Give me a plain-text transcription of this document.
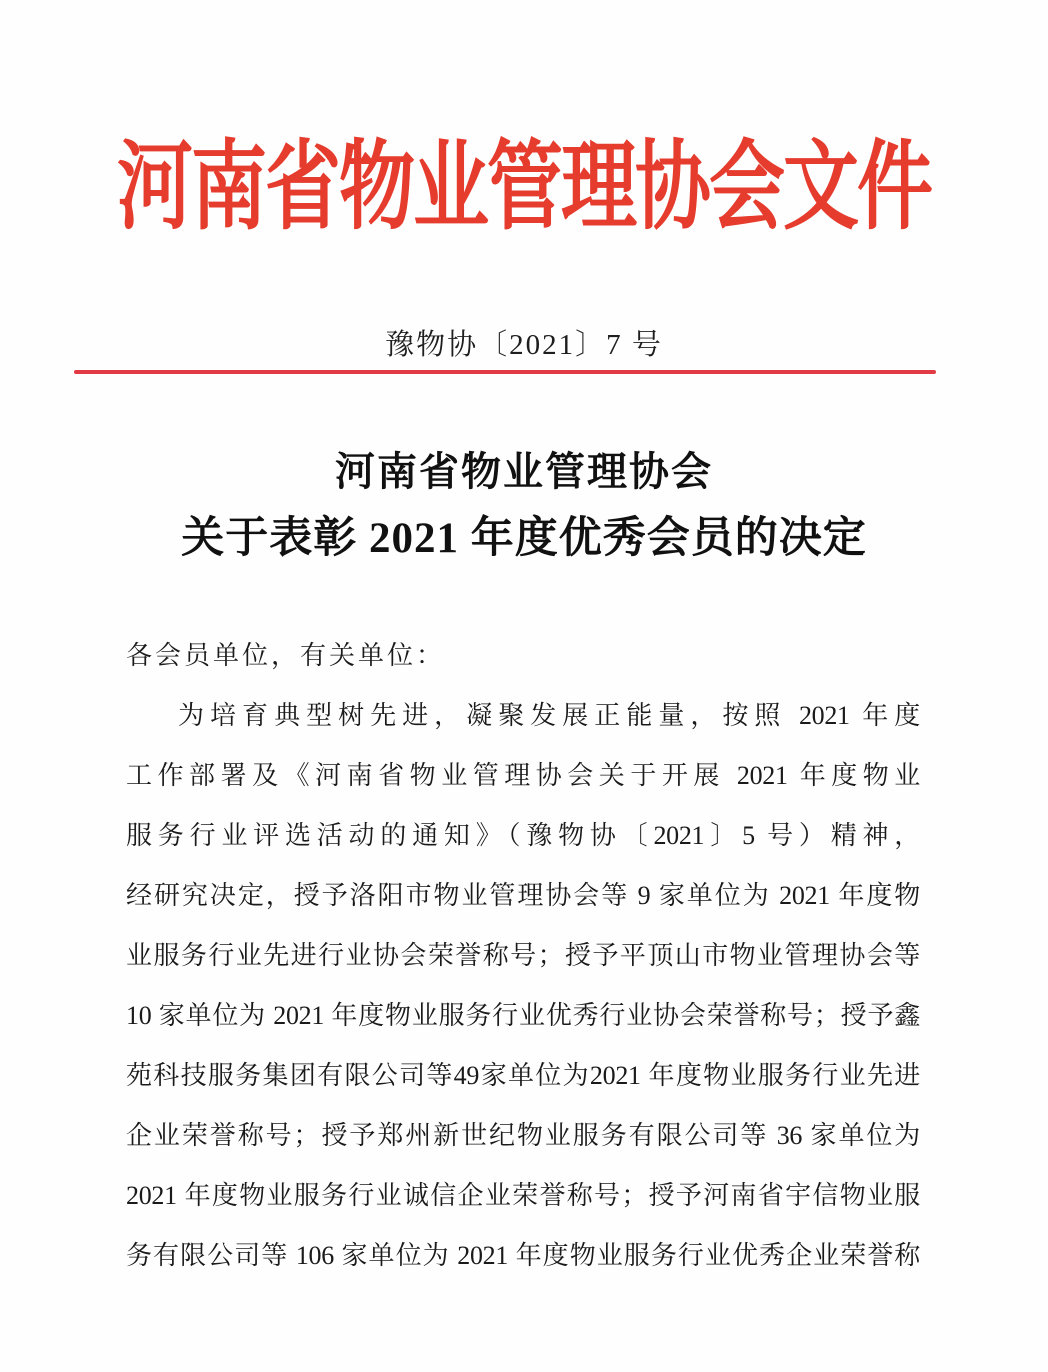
河南省物业管理协会文件
豫物协〔2021〕7 号
河南省物业管理协会
关于表彰 2021 年度优秀会员的决定
各会员单位，有关单位：
为培育典型树先进，凝聚发展正能量，按照 2021 年度
工作部署及《河南省物业管理协会关于开展 2021 年度物业
服务行业评选活动的通知》（豫物协〔2021〕5 号）精神，
经研究决定，授予洛阳市物业管理协会等 9 家单位为 2021 年度物
业服务行业先进行业协会荣誉称号；授予平顶山市物业管理协会等
10 家单位为 2021 年度物业服务行业优秀行业协会荣誉称号；授予鑫
苑科技服务集团有限公司等49家单位为2021 年度物业服务行业先进
企业荣誉称号；授予郑州新世纪物业服务有限公司等 36 家单位为
2021 年度物业服务行业诚信企业荣誉称号；授予河南省宇信物业服
务有限公司等 106 家单位为 2021 年度物业服务行业优秀企业荣誉称
